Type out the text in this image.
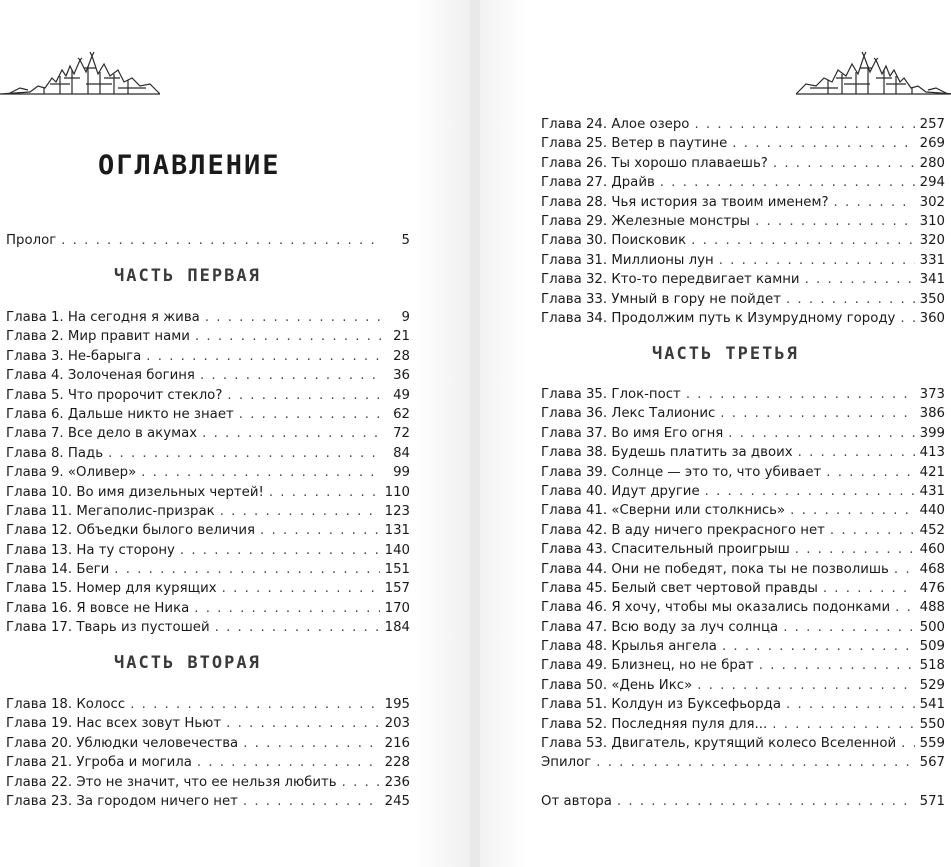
ОГЛАВЛЕНИЕ
Пролог . . .	5
ЧАСТЬ ПЕРВАЯ
Глава 1. На сегодня я жива . . .	9
Глава 2. Мир правит нами . . .	21
Глава 3. Не-барыга . . .	28
Глава 4. Золоченая богиня . . .	36
Глава 5. Что пророчит стекло? . . .	49
Глава 6. Дальше никто не знает . . .	62
Глава 7. Все дело в акумах . . .	72
Глава 8. Падь . . .	84
Глава 9. «Оливер» . . .	99
Глава 10. Во имя дизельных чертей! . . .	110
Глава 11. Мегаполис-призрак . . .	123
Глава 12. Объедки былого величия . . .	131
Глава 13. На ту сторону . . .	140
Глава 14. Беги . . .	151
Глава 15. Номер для курящих . . .	157
Глава 16. Я вовсе не Ника . . .	170
Глава 17. Тварь из пустошей . . .	184
ЧАСТЬ ВТОРАЯ
Глава 18. Колосс . . .	195
Глава 19. Нас всех зовут Ньют . . .	203
Глава 20. Ублюдки человечества . . .	216
Глава 21. Угроба и могила . . .	228
Глава 22. Это не значит, что ее нельзя любить . . .	236
Глава 23. За городом ничего нет . . .	245
Глава 24. Алое озеро . . .	257
Глава 25. Ветер в паутине . . .	269
Глава 26. Ты хорошо плаваешь? . . .	280
Глава 27. Драйв . . .	294
Глава 28. Чья история за твоим именем? . . .	302
Глава 29. Железные монстры . . .	310
Глава 30. Поисковик . . .	320
Глава 31. Миллионы лун . . .	331
Глава 32. Кто-то передвигает камни . . .	341
Глава 33. Умный в гору не пойдет . . .	350
Глава 34. Продолжим путь к Изумрудному городу . . . 360
ЧАСТЬ ТРЕТЬЯ
Глава 35. Глок-пост . . .	373
Глава 36. Лекс Талионис . . .	386
Глава 37. Во имя Его огня . . .	399
Глава 38. Будешь платить за двоих . . .	413
Глава 39. Солнце — это то, что убивает . . .	421
Глава 40. Идут другие . . .	431
Глава 41. «Сверни или столкнись» . . .	440
Глава 42. В аду ничего прекрасного нет . . .	452
Глава 43. Спасительный проигрыш . . .	460
Глава 44. Они не победят, пока ты не позволишь . . . 468
Глава 45. Белый свет чертовой правды . . .	476
Глава 46. Я хочу, чтобы мы оказались подонками . . . 488
Глава 47. Всю воду за луч солнца . . .	500
Глава 48. Крылья ангела . . .	509
Глава 49. Близнец, но не брат . . .	518
Глава 50. «День Икс» . . .	529
Глава 51. Колдун из Буксефьорда . . .	541
Глава 52. Последняя пуля для... . . .	550
Глава 53. Двигатель, крутящий колесо Вселенной . . . 559
Эпилог . . .	567
От автора . . .	571
